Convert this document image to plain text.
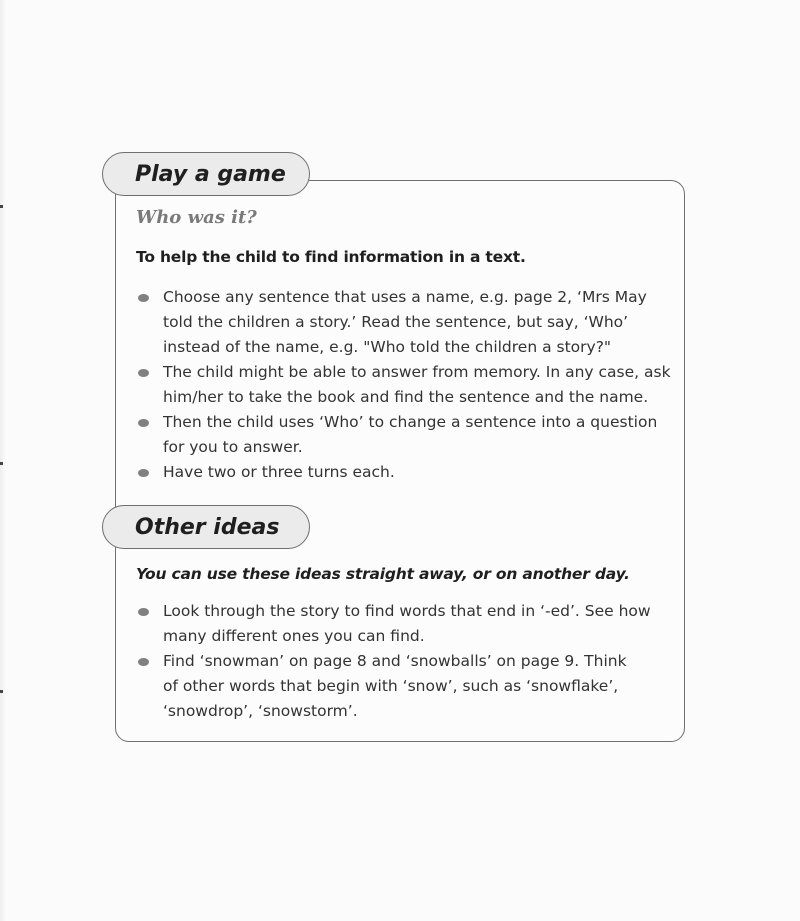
Play a game
Who was it?
To help the child to find information in a text.
Choose any sentence that uses a name, e.g. page 2, ‘Mrs May told the children a story.’ Read the sentence, but say, ‘Who’ instead of the name, e.g. "Who told the children a story?"
The child might be able to answer from memory. In any case, ask him/her to take the book and find the sentence and the name.
Then the child uses ‘Who’ to change a sentence into a question for you to answer.
Have two or three turns each.
Other ideas
You can use these ideas straight away, or on another day.
Look through the story to find words that end in ‘-ed’. See how many different ones you can find.
Find ‘snowman’ on page 8 and ‘snowballs’ on page 9. Think of other words that begin with ‘snow’, such as ‘snowflake’, ‘snowdrop’, ‘snowstorm’.
